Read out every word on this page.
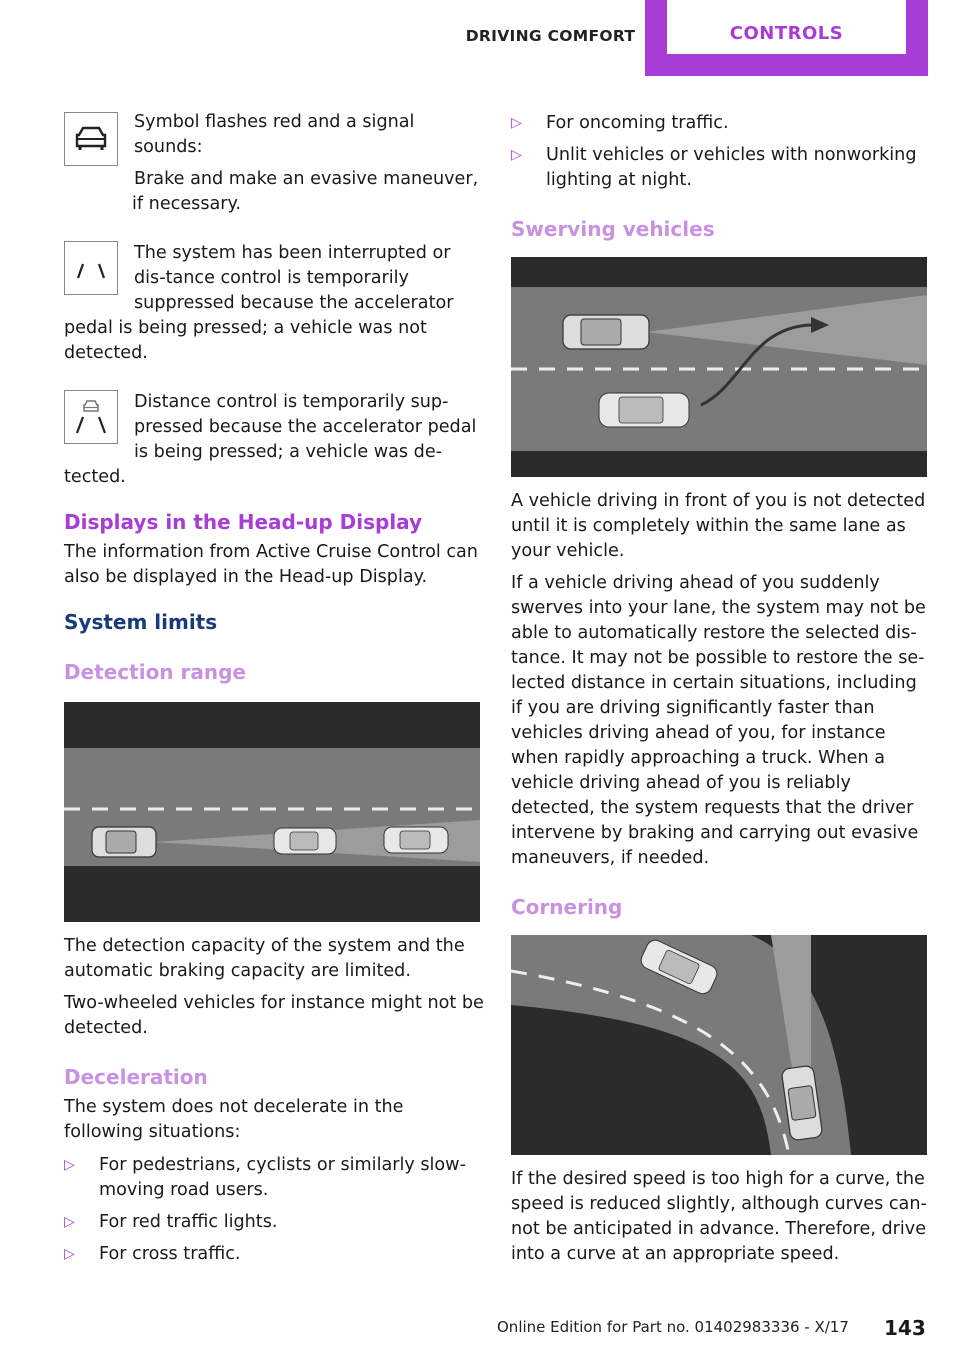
DRIVING COMFORT	CONTROLS

Symbol flashes red and a signal sounds:

Brake and make an evasive maneuver, if necessary.

The system has been interrupted or dis-tance control is temporarily suppressed because the accelerator pedal is being pressed; a vehicle was not detected.

Distance control is temporarily sup-pressed because the accelerator pedal is being pressed; a vehicle was de-tected.

Displays in the Head-up Display

The information from Active Cruise Control can also be displayed in the Head-up Display.

System limits
Detection range

The detection capacity of the system and the automatic braking capacity are limited.

Two-wheeled vehicles for instance might not be detected.

Deceleration

The system does not decelerate in the following situations:

▷ For pedestrians, cyclists or similarly slow-moving road users.
▷ For red traffic lights.
▷ For cross traffic.
▷ For oncoming traffic.
▷ Unlit vehicles or vehicles with nonworking lighting at night.
Swerving vehicles

A vehicle driving in front of you is not detected until it is completely within the same lane as your vehicle.

If a vehicle driving ahead of you suddenly swerves into your lane, the system may not be able to automatically restore the selected dis-tance. It may not be possible to restore the se-lected distance in certain situations, including if you are driving significantly faster than vehicles driving ahead of you, for instance when rapidly approaching a truck. When a vehicle driving ahead of you is reliably detected, the system requests that the driver intervene by braking and carrying out evasive maneuvers, if needed.

Cornering

If the desired speed is too high for a curve, the speed is reduced slightly, although curves can-not be anticipated in advance. Therefore, drive into a curve at an appropriate speed.

Online Edition for Part no. 01402983336 - X/17 143
